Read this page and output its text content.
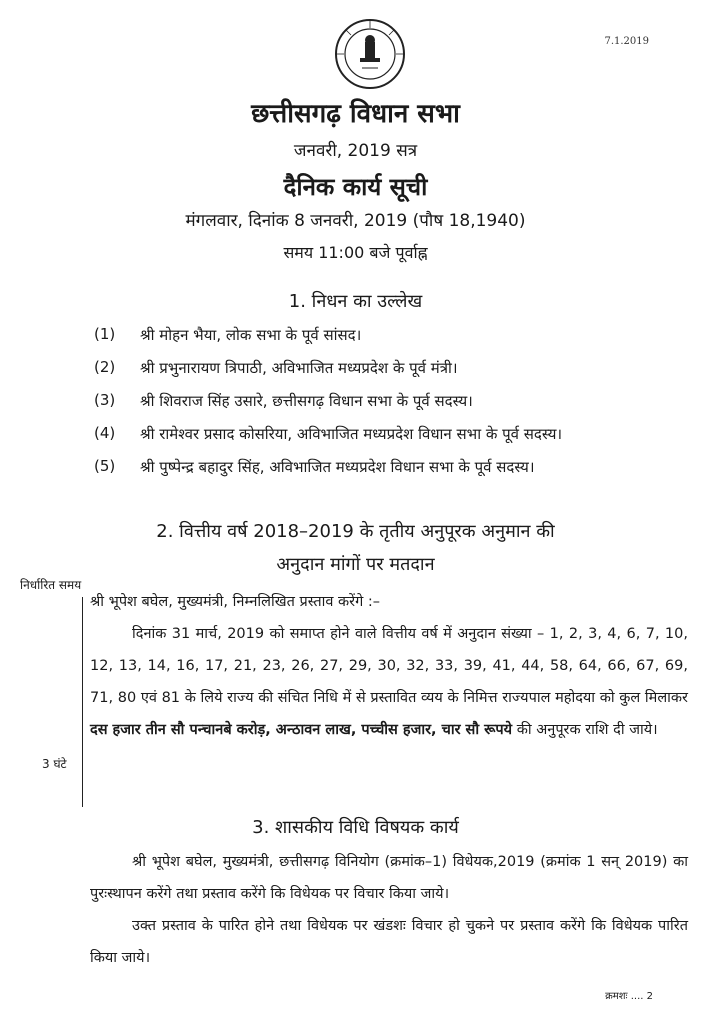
7.1.2019
छत्तीसगढ़ विधान सभा
जनवरी, 2019 सत्र
दैनिक कार्य सूची
मंगलवार, दिनांक 8 जनवरी, 2019 (पौष 18,1940)
समय 11:00 बजे पूर्वाह्न
1. निधन का उल्लेख
(1) श्री मोहन भैया, लोक सभा के पूर्व सांसद।
(2) श्री प्रभुनारायण त्रिपाठी, अविभाजित मध्यप्रदेश के पूर्व मंत्री।
(3) श्री शिवराज सिंह उसारे, छत्तीसगढ़ विधान सभा के पूर्व सदस्य।
(4) श्री रामेश्वर प्रसाद कोसरिया, अविभाजित मध्यप्रदेश विधान सभा के पूर्व सदस्य।
(5) श्री पुष्पेन्द्र बहादुर सिंह, अविभाजित मध्यप्रदेश विधान सभा के पूर्व सदस्य।
2. वित्तीय वर्ष 2018–2019 के तृतीय अनुपूरक अनुमान की
अनुदान मांगों पर मतदान
निर्धारित समय
3 घंटे
श्री भूपेश बघेल, मुख्यमंत्री, निम्नलिखित प्रस्ताव करेंगे :–
दिनांक 31 मार्च, 2019 को समाप्त होने वाले वित्तीय वर्ष में अनुदान संख्या – 1, 2, 3, 4, 6, 7, 10, 12, 13, 14, 16, 17, 21, 23, 26, 27, 29, 30, 32, 33, 39, 41, 44, 58, 64, 66, 67, 69, 71, 80 एवं 81 के लिये राज्य की संचित निधि में से प्रस्तावित व्यय के निमित्त राज्यपाल महोदया को कुल मिलाकर दस हजार तीन सौ पन्चानबे करोड़, अन्ठावन लाख, पच्चीस हजार, चार सौ रूपये की अनुपूरक राशि दी जाये।
3. शासकीय विधि विषयक कार्य
श्री भूपेश बघेल, मुख्यमंत्री, छत्तीसगढ़ विनियोग (क्रमांक–1) विधेयक,2019 (क्रमांक 1 सन् 2019) का पुरःस्थापन करेंगे तथा प्रस्ताव करेंगे कि विधेयक पर विचार किया जाये।
उक्त प्रस्ताव के पारित होने तथा विधेयक पर खंडशः विचार हो चुकने पर प्रस्ताव करेंगे कि विधेयक पारित किया जाये।
क्रमशः .... 2
